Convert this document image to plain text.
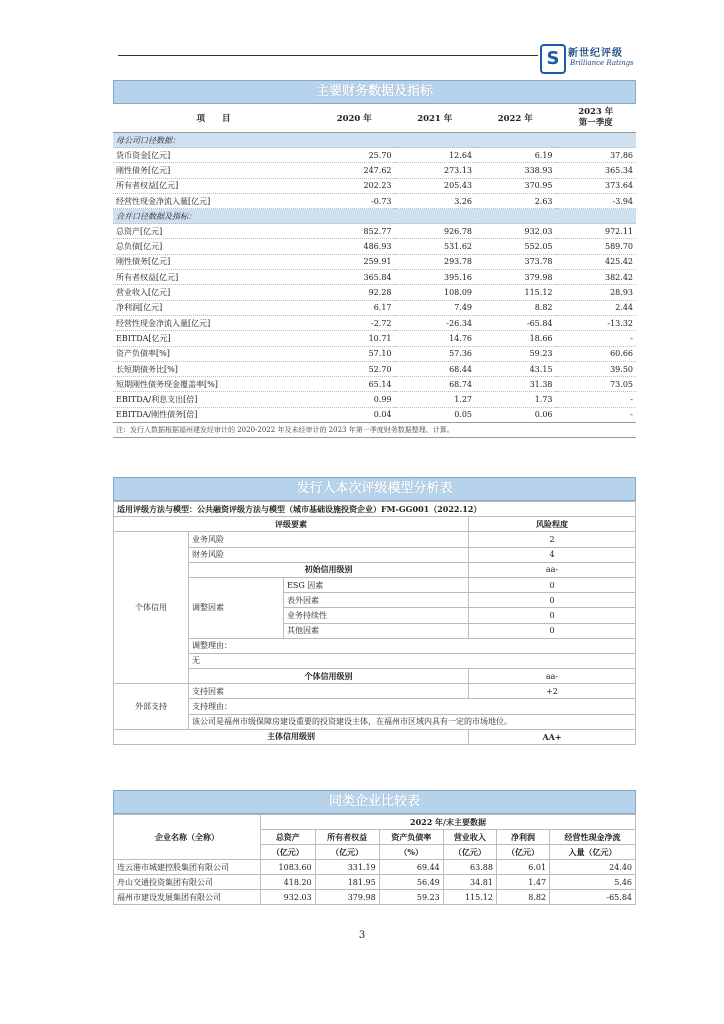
S 新世纪评级
Brilliance Ratings
主要财务数据及指标
项　　目	2020 年	2021 年	2022 年	2023 年
第一季度
母公司口径数据：				
货币资金[亿元]	25.70	12.64	6.19	37.86
刚性债务[亿元]	247.62	273.13	338.93	365.34
所有者权益[亿元]	202.23	205.43	370.95	373.64
经营性现金净流入量[亿元]	-0.73	3.26	2.63	-3.94
合并口径数据及指标：				
总资产[亿元]	852.77	926.78	932.03	972.11
总负债[亿元]	486.93	531.62	552.05	589.70
刚性债务[亿元]	259.91	293.78	373.78	425.42
所有者权益[亿元]	365.84	395.16	379.98	382.42
营业收入[亿元]	92.28	108.09	115.12	28.93
净利润[亿元]	6.17	7.49	8.82	2.44
经营性现金净流入量[亿元]	-2.72	-26.34	-65.84	-13.32
EBITDA[亿元]	10.71	14.76	18.66	-
资产负债率[%]	57.10	57.36	59.23	60.66
长短期债务比[%]	52.70	68.44	43.15	39.50
短期刚性债务现金覆盖率[%]	65.14	68.74	31.38	73.05
EBITDA/利息支出[倍]	0.99	1.27	1.73	-
EBITDA/刚性债务[倍]	0.04	0.05	0.06	-
注：发行人数据根据福州建发经审计的 2020-2022 年及未经审计的 2023 年第一季度财务数据整理、计算。				
发行人本次评级模型分析表
适用评级方法与模型：公共融资评级方法与模型（城市基础设施投资企业）FM-GG001（2022.12）			
评级要素			风险程度
个体信用	业务风险		2
	财务风险		4
	初始信用级别		aa-
	调整因素	ESG 因素	0
		表外因素	0
		业务持续性	0
		其他因素	0
	调整理由：		
	无		
	个体信用级别		aa-
外部支持	支持因素		+2
	支持理由：		
	该公司是福州市级保障房建设重要的投资建设主体，在福州市区域内具有一定的市场地位。		
主体信用级别			AA+
同类企业比较表
企业名称（全称）	2022 年/末主要数据					
	总资产	所有者权益	资产负债率	营业收入	净利润	经营性现金净流
	（亿元）	（亿元）	（%）	（亿元）	（亿元）	入量（亿元）
连云港市城建控股集团有限公司	1083.60	331.19	69.44	63.88	6.01	24.40
舟山交通投资集团有限公司	418.20	181.95	56.49	34.81	1.47	5.46
福州市建设发展集团有限公司	932.03	379.98	59.23	115.12	8.82	-65.84
3
